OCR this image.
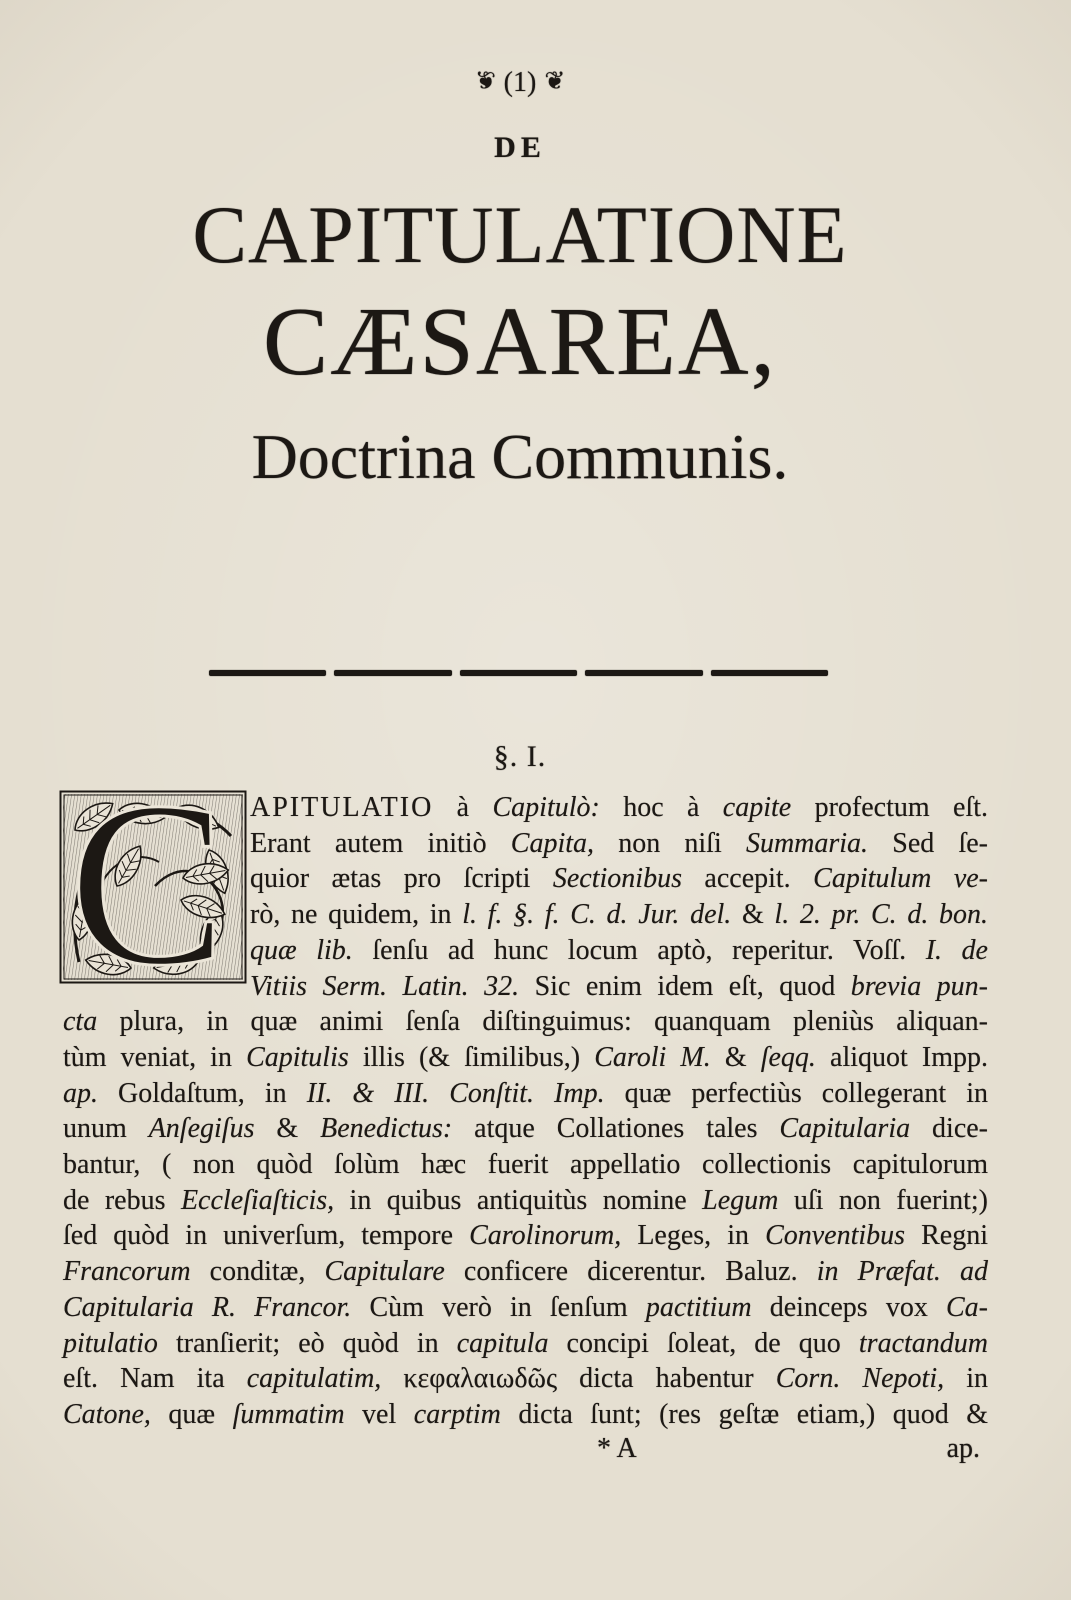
❦(1)❦
DE
CAPITULATIONE
CÆSAREA,
Doctrina Communis.
§. I.
C APITULATIO à Capitulò: hoc à capite profectum eſt.
Erant autem initiò Capita, non niſi Summaria. Sed ſe-
quior ætas pro ſcripti Sectionibus accepit. Capitulum ve-
rò, ne quidem, in l. f. §. f. C. d. Jur. del. & l. 2. pr. C. d. bon.
quæ lib. ſenſu ad hunc locum aptò, reperitur. Voſſ. I. de
Vitiis Serm. Latin. 32. Sic enim idem eſt, quod brevia pun-
cta plura, in quæ animi ſenſa diſtinguimus: quanquam pleniùs aliquan-
tùm veniat, in Capitulis illis (& ſimilibus,) Caroli M. & ſeqq. aliquot Impp.
ap. Goldaſtum, in II. & III. Conſtit. Imp. quæ perfectiùs collegerant in
unum Anſegiſus & Benedictus: atque Collationes tales Capitularia dice-
bantur, ( non quòd ſolùm hæc fuerit appellatio collectionis capitulorum
de rebus Eccleſiaſticis, in quibus antiquitùs nomine Legum uſi non fuerint;)
ſed quòd in univerſum, tempore Carolinorum, Leges, in Conventibus Regni
Francorum conditæ, Capitulare conficere dicerentur. Baluz. in Præfat. ad
Capitularia R. Francor. Cùm verò in ſenſum pactitium deinceps vox Ca-
pitulatio tranſierit; eò quòd in capitula concipi ſoleat, de quo tractandum
eſt. Nam ita capitulatim, κεφαλαιωδῶς dicta habentur Corn. Nepoti, in
Catone, quæ ſummatim vel carptim dicta ſunt; (res geſtæ etiam,) quod &
* A	ap.
